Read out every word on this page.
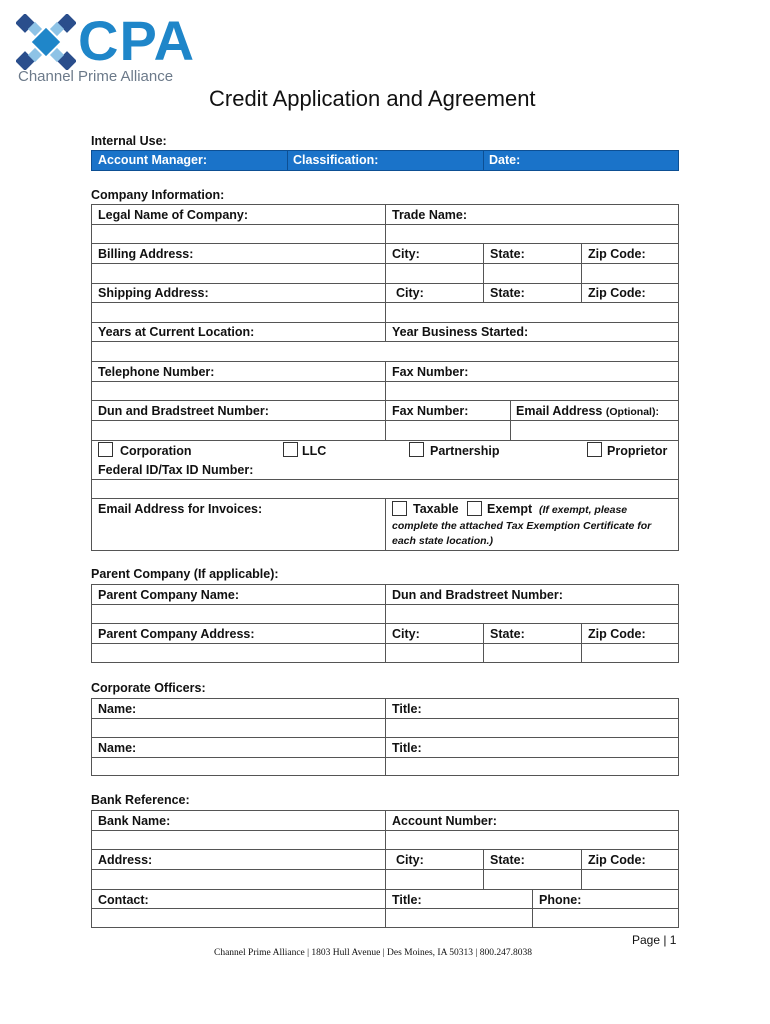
CPA
Channel Prime Alliance
Credit Application and Agreement
Internal Use:
Account Manager:	Classification:	Date:
Company Information:
Legal Name of Company:	Trade Name:
Billing Address:	City:	State:	Zip Code:
Shipping Address:	City:	State:	Zip Code:
Years at Current Location:	Year Business Started:
Telephone Number:	Fax Number:
Dun and Bradstreet Number:	Fax Number:	Email Address (Optional):
Corporation	LLC	Partnership	Proprietor
Federal ID/Tax ID Number:
Email Address for Invoices:	Taxable Exempt (If exempt, please
complete the attached Tax Exemption Certificate for
each state location.)
Parent Company (If applicable):
Parent Company Name:	Dun and Bradstreet Number:
Parent Company Address:	City:	State:	Zip Code:
Corporate Officers:
Name:	Title:
Name:	Title:
Bank Reference:
Bank Name:	Account Number:
Address:	City:	State:	Zip Code:
Contact:	Title:	Phone:
Page | 1
Channel Prime Alliance | 1803 Hull Avenue | Des Moines, IA 50313 | 800.247.8038
